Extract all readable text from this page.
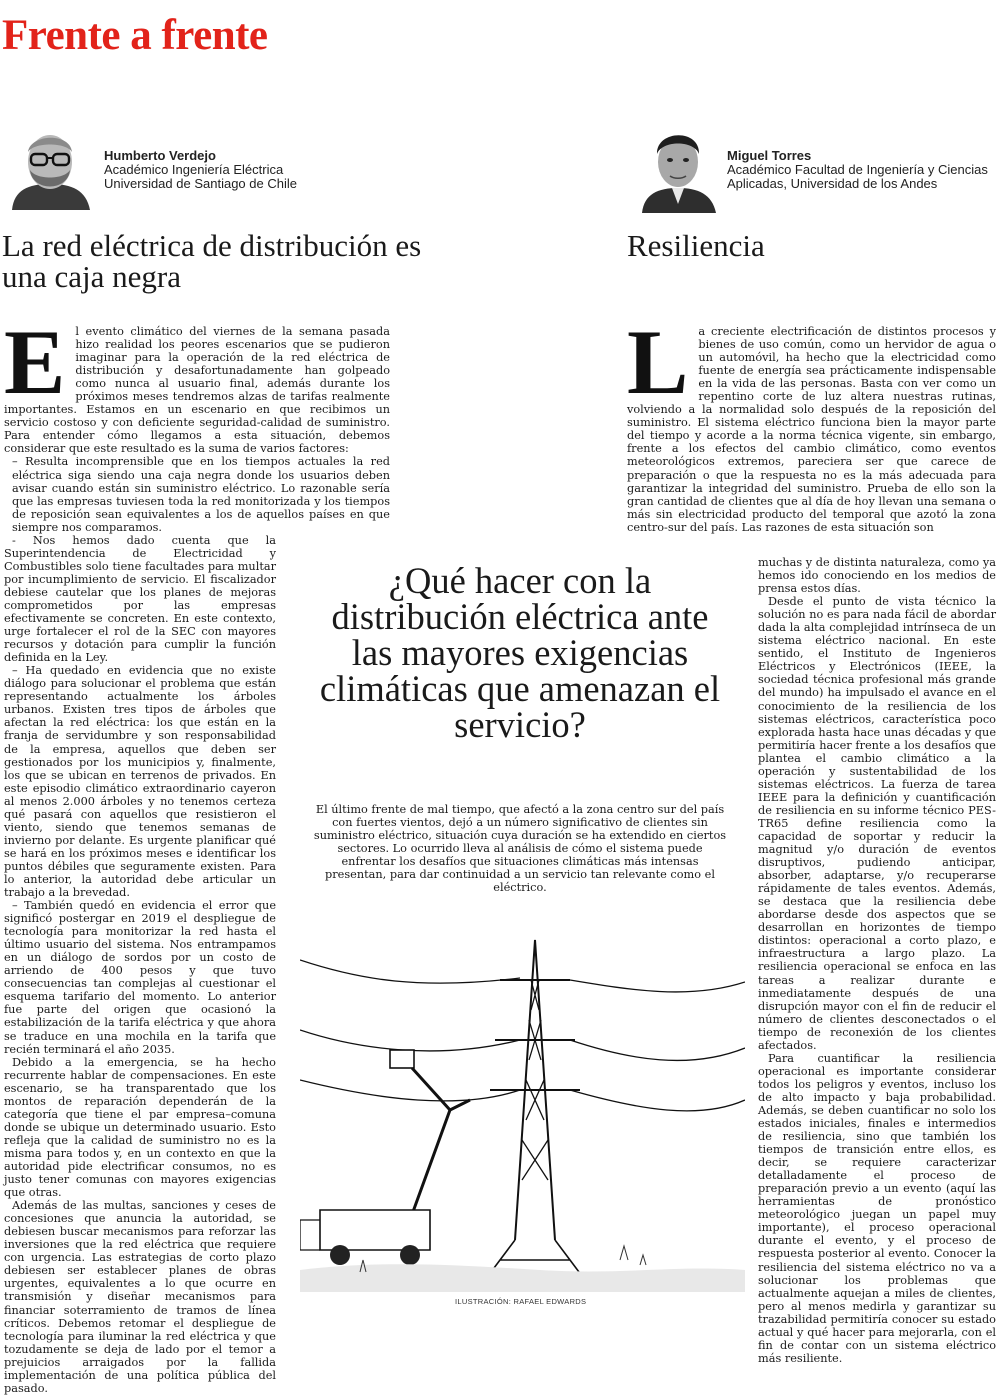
Frente a frente
Humberto Verdejo
Académico Ingeniería Eléctrica
Universidad de Santiago de Chile
Miguel Torres
Académico Facultad de Ingeniería y Ciencias
Aplicadas, Universidad de los Andes
La red eléctrica de distribución es una caja negra
Resiliencia
E l evento climático del viernes de la semana pasada hizo realidad los peores escenarios que se pudieron imaginar para la operación de la red eléctrica de distribución y desafortunadamente han golpeado como nunca al usuario final, además durante los próximos meses tendremos alzas de tarifas realmente importantes. Estamos en un escenario en que recibimos un servicio costoso y con deficiente seguridad-calidad de suministro. Para entender cómo llegamos a esta situación, debemos considerar que este resultado es la suma de varios factores:

– Resulta incomprensible que en los tiempos actuales la red eléctrica siga siendo una caja negra donde los usuarios deben avisar cuando están sin suministro eléctrico. Lo razonable sería que las empresas tuviesen toda la red monitorizada y los tiempos de reposición sean equivalentes a los de aquellos países en que siempre nos comparamos.

- Nos hemos dado cuenta que la Superintendencia de Electricidad y Combustibles solo tiene facultades para multar por incumplimiento de servicio. El fiscalizador debiese cautelar que los planes de mejoras comprometidos por las empresas efectivamente se concreten. En este contexto, urge fortalecer el rol de la SEC con mayores recursos y dotación para cumplir la función definida en la Ley.

– Ha quedado en evidencia que no existe diálogo para solucionar el problema que están representando actualmente los árboles urbanos. Existen tres tipos de árboles que afectan la red eléctrica: los que están en la franja de servidumbre y son responsabilidad de la empresa, aquellos que deben ser gestionados por los municipios y, finalmente, los que se ubican en terrenos de privados. En este episodio climático extraordinario cayeron al menos 2.000 árboles y no tenemos certeza qué pasará con aquellos que resistieron el viento, siendo que tenemos semanas de invierno por delante. Es urgente planificar qué se hará en los próximos meses e identificar los puntos débiles que seguramente existen. Para lo anterior, la autoridad debe articular un trabajo a la brevedad.

– También quedó en evidencia el error que significó postergar en 2019 el despliegue de tecnología para monitorizar la red hasta el último usuario del sistema. Nos entrampamos en un diálogo de sordos por un costo de arriendo de 400 pesos y que tuvo consecuencias tan complejas al cuestionar el esquema tarifario del momento. Lo anterior fue parte del origen que ocasionó la estabilización de la tarifa eléctrica y que ahora se traduce en una mochila en la tarifa que recién terminará el año 2035.

Debido a la emergencia, se ha hecho recurrente hablar de compensaciones. En este escenario, se ha transparentado que los montos de reparación dependerán de la categoría que tiene el par empresa–comuna donde se ubique un determinado usuario. Esto refleja que la calidad de suministro no es la misma para todos y, en un contexto en que la autoridad pide electrificar consumos, no es justo tener comunas con mayores exigencias que otras.

Además de las multas, sanciones y ceses de concesiones que anuncia la autoridad, se debiesen buscar mecanismos para reforzar las inversiones que la red eléctrica que requiere con urgencia. Las estrategias de corto plazo debiesen ser establecer planes de obras urgentes, equivalentes a lo que ocurre en transmisión y diseñar mecanismos para financiar soterramiento de tramos de línea críticos. Debemos retomar el despliegue de tecnología para iluminar la red eléctrica y que tozudamente se deja de lado por el temor a prejuicios arraigados por la fallida implementación de una política pública del pasado.

L a creciente electrificación de distintos procesos y bienes de uso común, como un hervidor de agua o un automóvil, ha hecho que la electricidad como fuente de energía sea prácticamente indispensable en la vida de las personas. Basta con ver como un repentino corte de luz altera nuestras rutinas, volviendo a la normalidad solo después de la reposición del suministro. El sistema eléctrico funciona bien la mayor parte del tiempo y acorde a la norma técnica vigente, sin embargo, frente a los efectos del cambio climático, como eventos meteorológicos extremos, pareciera ser que carece de preparación o que la respuesta no es la más adecuada para garantizar la integridad del suministro. Prueba de ello son la gran cantidad de clientes que al día de hoy llevan una semana o más sin electricidad producto del temporal que azotó la zona centro-sur del país. Las razones de esta situación son

muchas y de distinta naturaleza, como ya hemos ido conociendo en los medios de prensa estos días.

Desde el punto de vista técnico la solución no es para nada fácil de abordar dada la alta complejidad intrínseca de un sistema eléctrico nacional. En este sentido, el Instituto de Ingenieros Eléctricos y Electrónicos (IEEE, la sociedad técnica profesional más grande del mundo) ha impulsado el avance en el conocimiento de la resiliencia de los sistemas eléctricos, característica poco explorada hasta hace unas décadas y que permitiría hacer frente a los desafíos que plantea el cambio climático a la operación y sustentabilidad de los sistemas eléctricos. La fuerza de tarea IEEE para la definición y cuantificación de resiliencia en su informe técnico PES-TR65 define resiliencia como la capacidad de soportar y reducir la magnitud y/o duración de eventos disruptivos, pudiendo anticipar, absorber, adaptarse, y/o recuperarse rápidamente de tales eventos. Además, se destaca que la resiliencia debe abordarse desde dos aspectos que se desarrollan en horizontes de tiempo distintos: operacional a corto plazo, e infraestructura a largo plazo. La resiliencia operacional se enfoca en las tareas a realizar durante e inmediatamente después de una disrupción mayor con el fin de reducir el número de clientes desconectados o el tiempo de reconexión de los clientes afectados.

Para cuantificar la resiliencia operacional es importante considerar todos los peligros y eventos, incluso los de alto impacto y baja probabilidad. Además, se deben cuantificar no solo los estados iniciales, finales e intermedios de resiliencia, sino que también los tiempos de transición entre ellos, es decir, se requiere caracterizar detalladamente el proceso de preparación previo a un evento (aquí las herramientas de pronóstico meteorológico juegan un papel muy importante), el proceso operacional durante el evento, y el proceso de respuesta posterior al evento. Conocer la resiliencia del sistema eléctrico no va a solucionar los problemas que actualmente aquejan a miles de clientes, pero al menos medirla y garantizar su trazabilidad permitiría conocer su estado actual y qué hacer para mejorarla, con el fin de contar con un sistema eléctrico más resiliente.

¿Qué hacer con la distribución eléctrica ante las mayores exigencias climáticas que amenazan el servicio?
El último frente de mal tiempo, que afectó a la zona centro sur del país con fuertes vientos, dejó a un número significativo de clientes sin suministro eléctrico, situación cuya duración se ha extendido en ciertos sectores. Lo ocurrido lleva al análisis de cómo el sistema puede enfrentar los desafíos que situaciones climáticas más intensas presentan, para dar continuidad a un servicio tan relevante como el eléctrico.
ILUSTRACIÓN: RAFAEL EDWARDS
